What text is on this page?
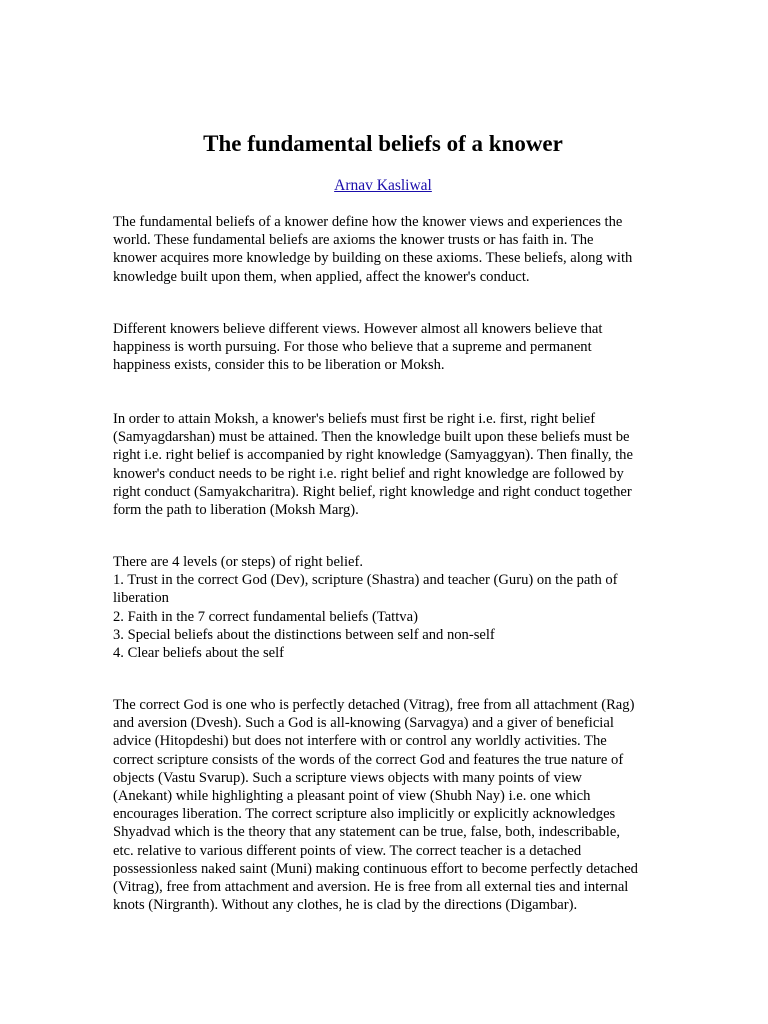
The fundamental beliefs of a knower
Arnav Kasliwal

The fundamental beliefs of a knower define how the knower views and experiences the
world. These fundamental beliefs are axioms the knower trusts or has faith in. The
knower acquires more knowledge by building on these axioms. These beliefs, along with
knowledge built upon them, when applied, affect the knower's conduct.

Different knowers believe different views. However almost all knowers believe that
happiness is worth pursuing. For those who believe that a supreme and permanent
happiness exists, consider this to be liberation or Moksh.

In order to attain Moksh, a knower's beliefs must first be right i.e. first, right belief
(Samyagdarshan) must be attained. Then the knowledge built upon these beliefs must be
right i.e. right belief is accompanied by right knowledge (Samyaggyan). Then finally, the
knower's conduct needs to be right i.e. right belief and right knowledge are followed by
right conduct (Samyakcharitra). Right belief, right knowledge and right conduct together
form the path to liberation (Moksh Marg).

There are 4 levels (or steps) of right belief.
1. Trust in the correct God (Dev), scripture (Shastra) and teacher (Guru) on the path of
liberation
2. Faith in the 7 correct fundamental beliefs (Tattva)
3. Special beliefs about the distinctions between self and non-self
4. Clear beliefs about the self

The correct God is one who is perfectly detached (Vitrag), free from all attachment (Rag)
and aversion (Dvesh). Such a God is all-knowing (Sarvagya) and a giver of beneficial
advice (Hitopdeshi) but does not interfere with or control any worldly activities. The
correct scripture consists of the words of the correct God and features the true nature of
objects (Vastu Svarup). Such a scripture views objects with many points of view
(Anekant) while highlighting a pleasant point of view (Shubh Nay) i.e. one which
encourages liberation. The correct scripture also implicitly or explicitly acknowledges
Shyadvad which is the theory that any statement can be true, false, both, indescribable,
etc. relative to various different points of view. The correct teacher is a detached
possessionless naked saint (Muni) making continuous effort to become perfectly detached
(Vitrag), free from attachment and aversion. He is free from all external ties and internal
knots (Nirgranth). Without any clothes, he is clad by the directions (Digambar).
